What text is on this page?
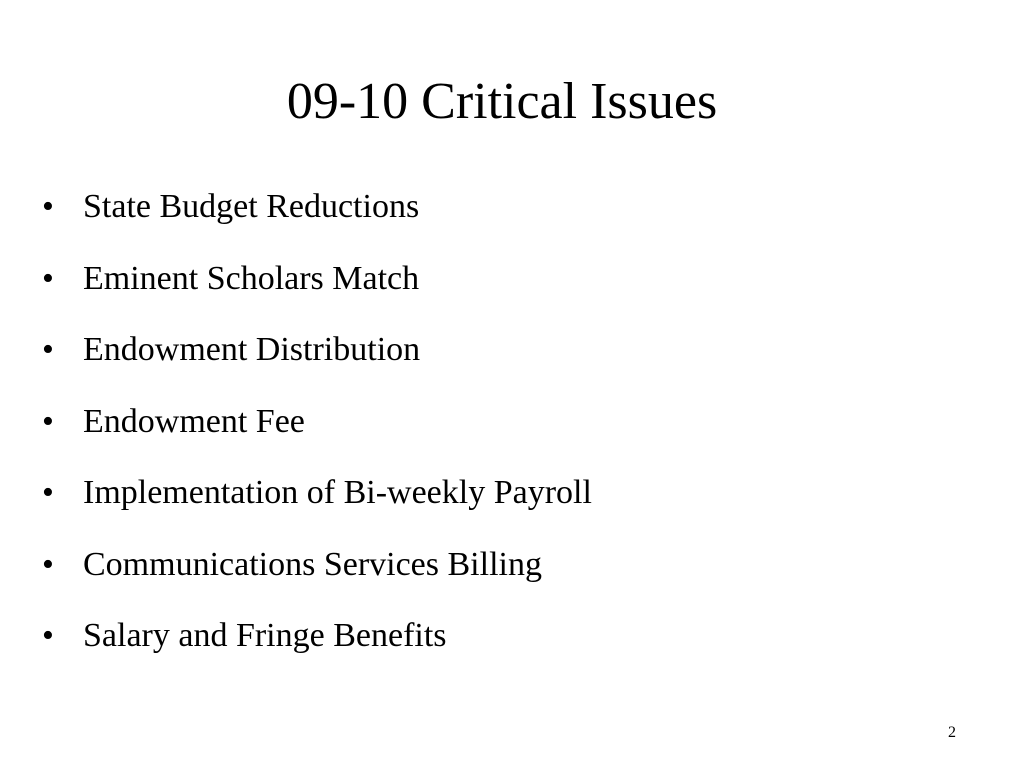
09-10 Critical Issues
• State Budget Reductions
• Eminent Scholars Match
• Endowment Distribution
• Endowment Fee
• Implementation of Bi-weekly Payroll
• Communications Services Billing
• Salary and Fringe Benefits
2
